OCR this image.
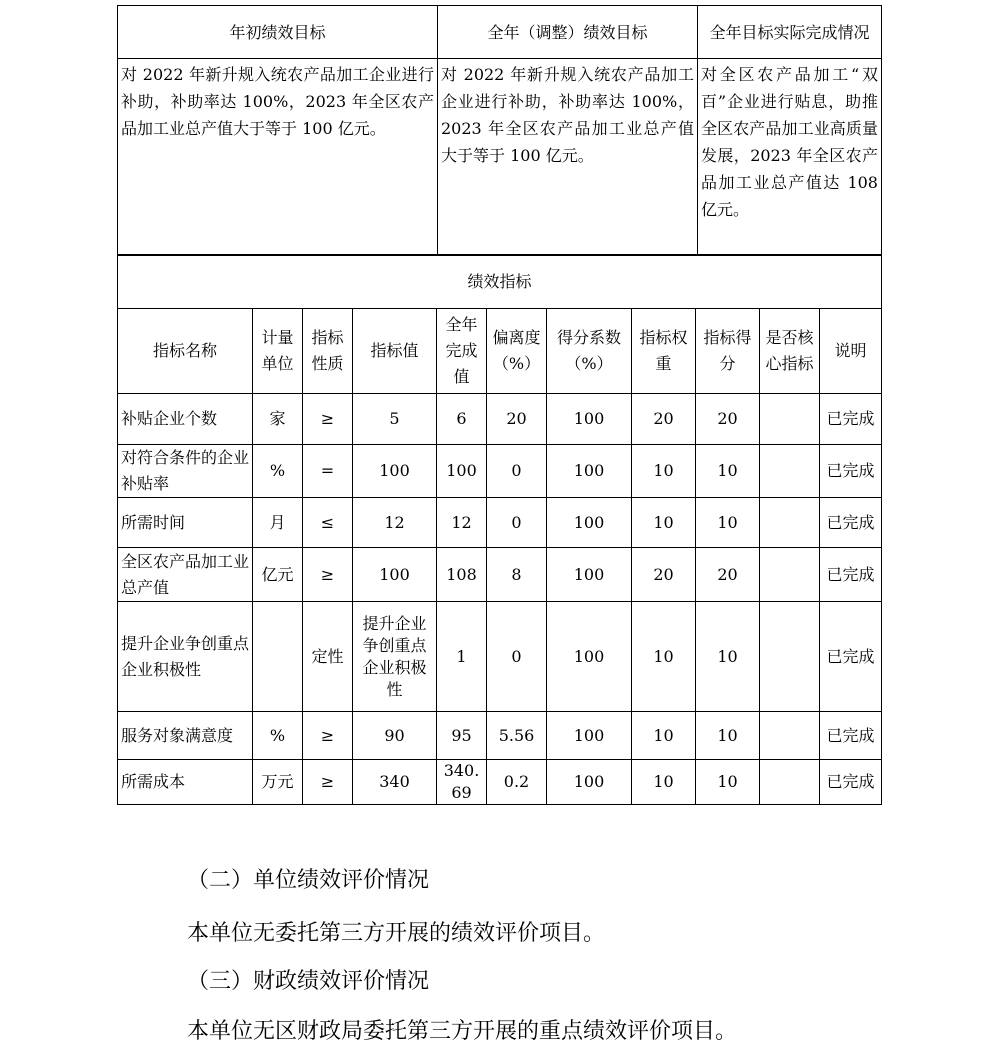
年初绩效目标	全年（调整）绩效目标	全年目标实际完成情况
对 2022 年新升规入统农产品加工企业进行补助，补助率达 100%，2023 年全区农产品加工业总产值大于等于 100 亿元。	对 2022 年新升规入统农产品加工企业进行补助，补助率达 100%，2023 年全区农产品加工业总产值大于等于 100 亿元。	对全区农产品加工“双百”企业进行贴息，助推全区农产品加工业高质量发展，2023 年全区农产品加工业总产值达 108 亿元。
绩效指标										
指标名称	计量单位	指标性质	指标值	全年完成值	偏离度（%）	得分系数（%）	指标权重	指标得分	是否核心指标	说明
补贴企业个数	家	≥	5	6	20	100	20	20		已完成
对符合条件的企业补贴率	%	=	100	100	0	100	10	10		已完成
所需时间	月	≤	12	12	0	100	10	10		已完成
全区农产品加工业总产值	亿元	≥	100	108	8	100	20	20		已完成
提升企业争创重点企业积极性		定性	提升企业争创重点企业积极性	1	0	100	10	10		已完成
服务对象满意度	%	≥	90	95	5.56	100	10	10		已完成
所需成本	万元	≥	340	340.69	0.2	100	10	10		已完成
（二）单位绩效评价情况
本单位无委托第三方开展的绩效评价项目。
（三）财政绩效评价情况
本单位无区财政局委托第三方开展的重点绩效评价项目。
